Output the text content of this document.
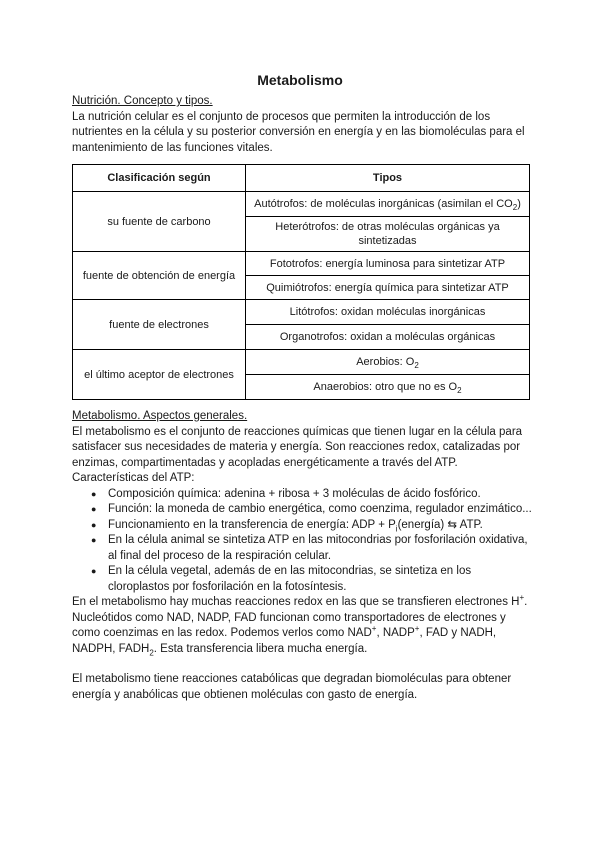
Metabolismo
Nutrición. Concepto y tipos.
La nutrición celular es el conjunto de procesos que permiten la introducción de los nutrientes en la célula y su posterior conversión en energía y en las biomoléculas para el mantenimiento de las funciones vitales.
Clasificación según	Tipos
su fuente de carbono	Autótrofos: de moléculas inorgánicas (asimilan el $CO_2$)
	Heterótrofos: de otras moléculas orgánicas ya sintetizadas
fuente de obtención de energía	Fototrofos: energía luminosa para sintetizar ATP
	Quimiótrofos: energía química para sintetizar ATP
fuente de electrones	Litótrofos: oxidan moléculas inorgánicas
	Organotrofos: oxidan a moléculas orgánicas
el último aceptor de electrones	Aerobios: $O_2$
	Anaerobios: otro que no es $O_2$
Metabolismo. Aspectos generales.
El metabolismo es el conjunto de reacciones químicas que tienen lugar en la célula para satisfacer sus necesidades de materia y energía. Son reacciones redox, catalizadas por enzimas, compartimentadas y acopladas energéticamente a través del ATP.
Características del ATP:
● Composición química: adenina + ribosa + 3 moléculas de ácido fosfórico.
● Función: la moneda de cambio energética, como coenzima, regulador enzimático...
● Funcionamiento en la transferencia de energía: ADP + $P_i(energía)$ ⇆ ATP.
● En la célula animal se sintetiza ATP en las mitocondrias por fosforilación oxidativa, al final del proceso de la respiración celular.
● En la célula vegetal, además de en las mitocondrias, se sintetiza en los cloroplastos por fosforilación en la fotosíntesis.
En el metabolismo hay muchas reacciones redox en las que se transfieren electrones H+. Nucleótidos como NAD, NADP, FAD funcionan como transportadores de electrones y como coenzimas en las redox. Podemos verlos como NAD+, NADP+, FAD y NADH, NADPH, $FADH_2$. Esta transferencia libera mucha energía.
El metabolismo tiene reacciones catabólicas que degradan biomoléculas para obtener energía y anabólicas que obtienen moléculas con gasto de energía.
